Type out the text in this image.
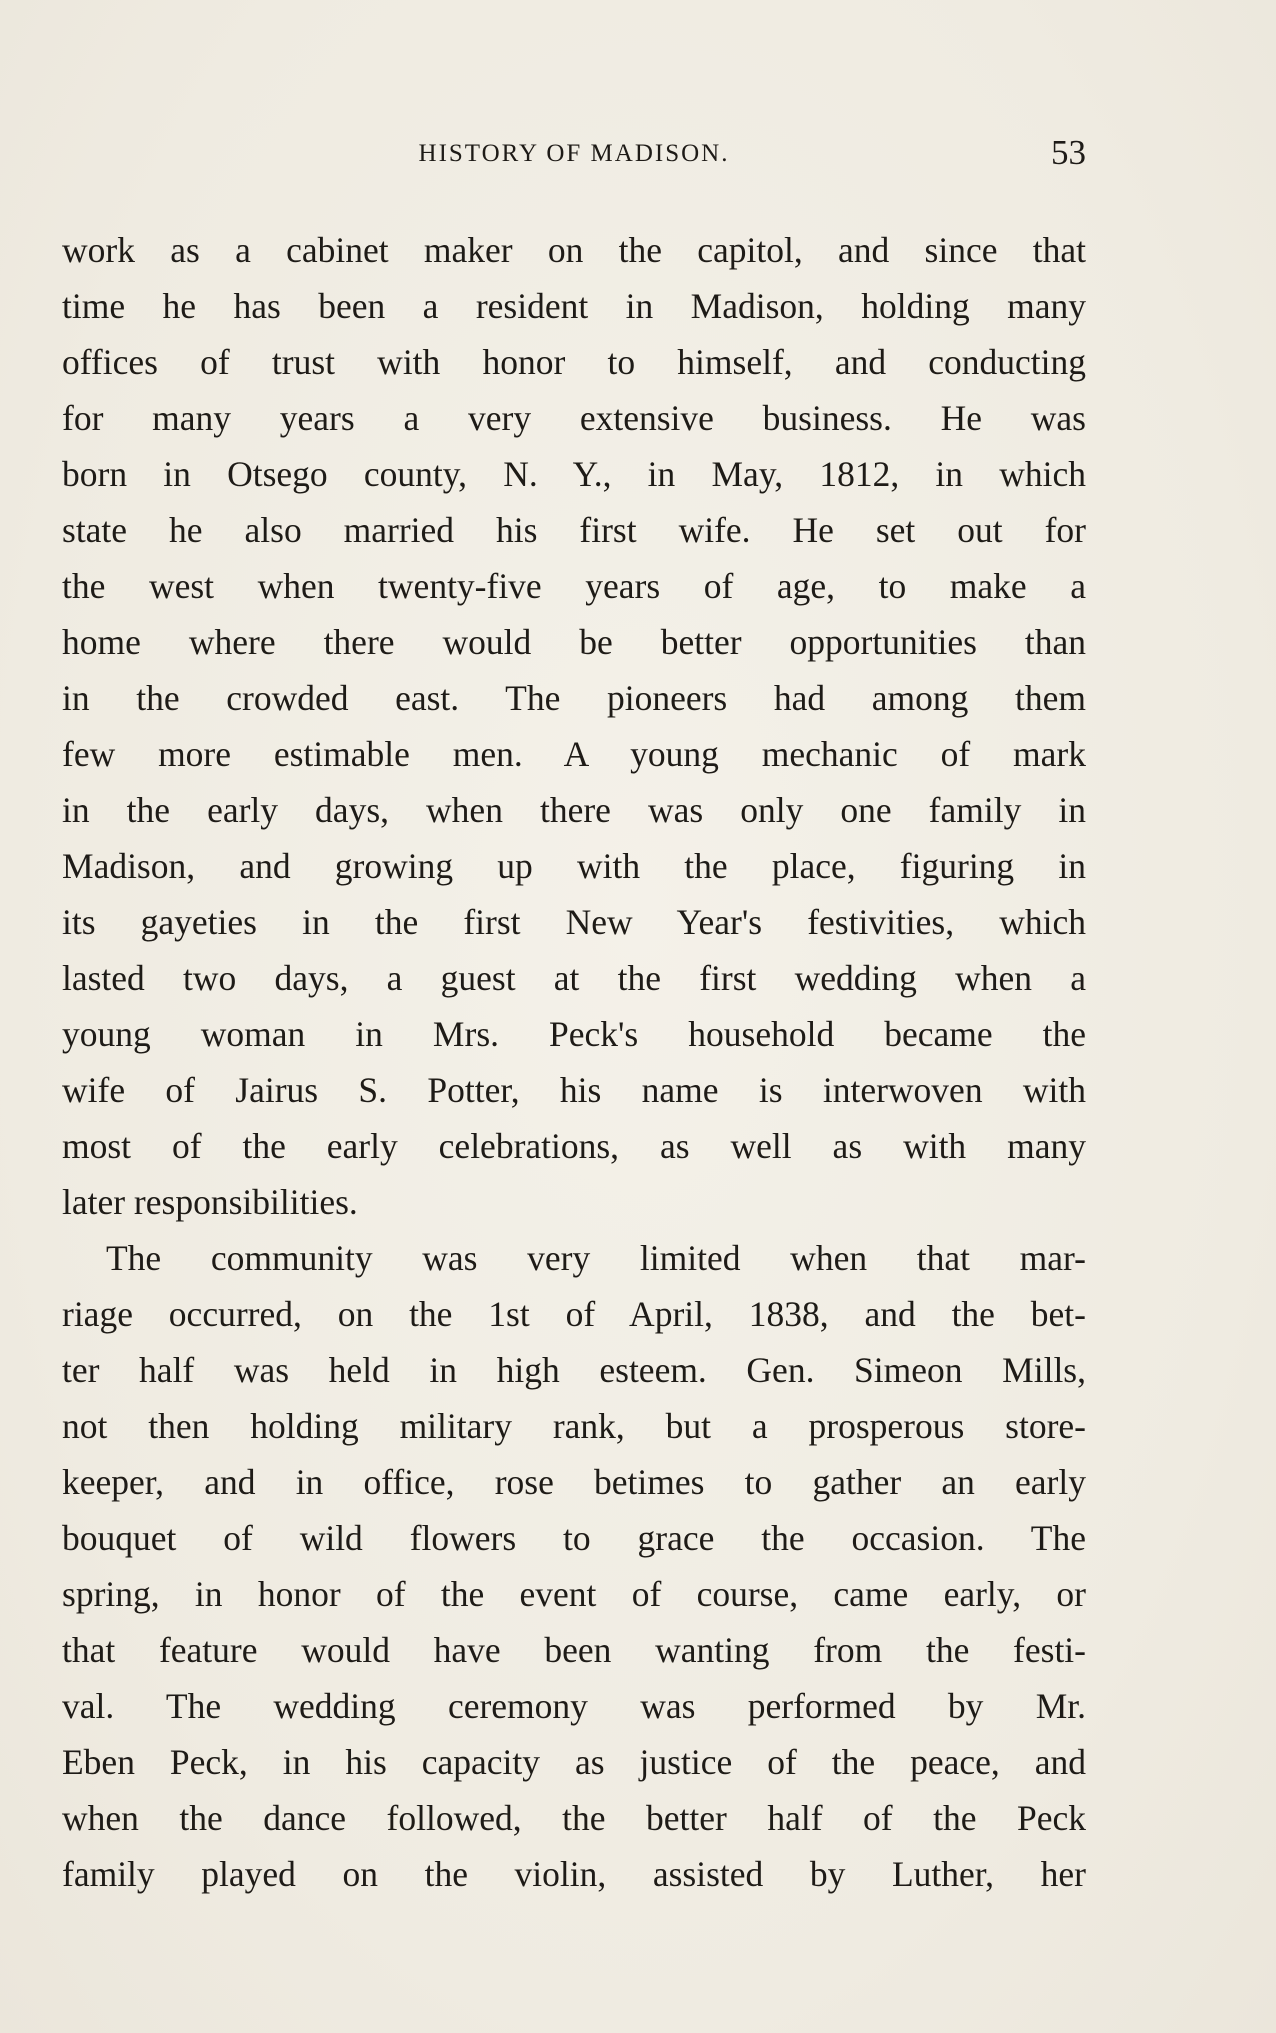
HISTORY OF MADISON.	53
work as a cabinet maker on the capitol, and since that
time he has been a resident in Madison, holding many
offices of trust with honor to himself, and conducting
for many years a very extensive business. He was
born in Otsego county, N. Y., in May, 1812, in which
state he also married his first wife. He set out for
the west when twenty-five years of age, to make a
home where there would be better opportunities than
in the crowded east. The pioneers had among them
few more estimable men. A young mechanic of mark
in the early days, when there was only one family in
Madison, and growing up with the place, figuring in
its gayeties in the first New Year's festivities, which
lasted two days, a guest at the first wedding when a
young woman in Mrs. Peck's household became the
wife of Jairus S. Potter, his name is interwoven with
most of the early celebrations, as well as with many
later responsibilities.
The community was very limited when that mar-
riage occurred, on the 1st of April, 1838, and the bet-
ter half was held in high esteem. Gen. Simeon Mills,
not then holding military rank, but a prosperous store-
keeper, and in office, rose betimes to gather an early
bouquet of wild flowers to grace the occasion. The
spring, in honor of the event of course, came early, or
that feature would have been wanting from the festi-
val. The wedding ceremony was performed by Mr.
Eben Peck, in his capacity as justice of the peace, and
when the dance followed, the better half of the Peck
family played on the violin, assisted by Luther, her
